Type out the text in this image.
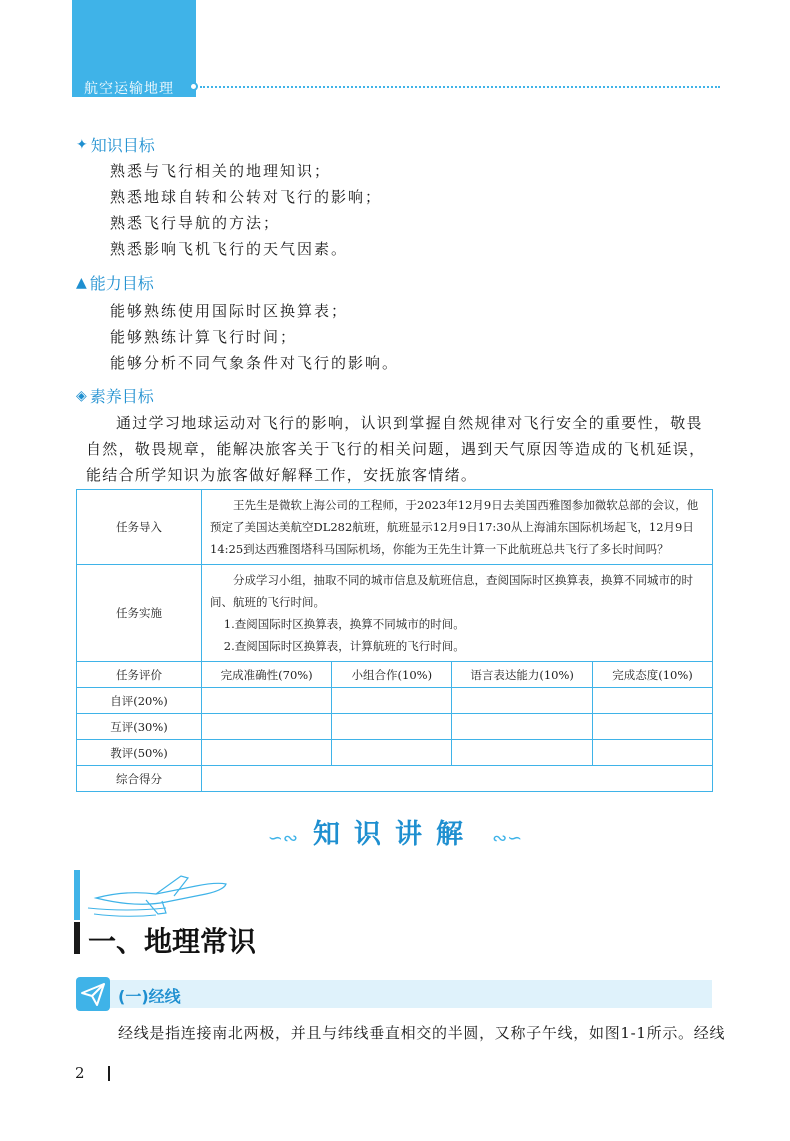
航空运输地理
✦ 知识目标
熟悉与飞行相关的地理知识；
熟悉地球自转和公转对飞行的影响；
熟悉飞行导航的方法；
熟悉影响飞机飞行的天气因素。
▲ 能力目标
能够熟练使用国际时区换算表；
能够熟练计算飞行时间；
能够分析不同气象条件对飞行的影响。
◈ 素养目标
通过学习地球运动对飞行的影响，认识到掌握自然规律对飞行安全的重要性，敬畏自然，敬畏规章，能解决旅客关于飞行的相关问题，遇到天气原因等造成的飞机延误，能结合所学知识为旅客做好解释工作，安抚旅客情绪。
任务导入	王先生是微软上海公司的工程师，于2023年12月9日去美国西雅图参加微软总部的会议，他预定了美国达美航空DL282航班，航班显示12月9日17:30从上海浦东国际机场起飞，12月9日14:25到达西雅图塔科马国际机场，你能为王先生计算一下此航班总共飞行了多长时间吗？			

任务实施	分成学习小组，抽取不同的城市信息及航班信息，查阅国际时区换算表，换算不同城市的时间、航班的飞行时间。

1.查阅国际时区换算表，换算不同城市的时间。

2.查阅国际时区换算表，计算航班的飞行时间。			

任务评价	完成准确性(70%)	小组合作(10%)	语言表达能力(10%)	完成态度(10%)
自评(20%)				
互评(30%)				
教评(50%)				
综合得分				
∽∾ 知识讲解 ∾∽
一、地理常识
(一)经线
经线是指连接南北两极，并且与纬线垂直相交的半圆，又称子午线，如图1-1所示。经线
2
